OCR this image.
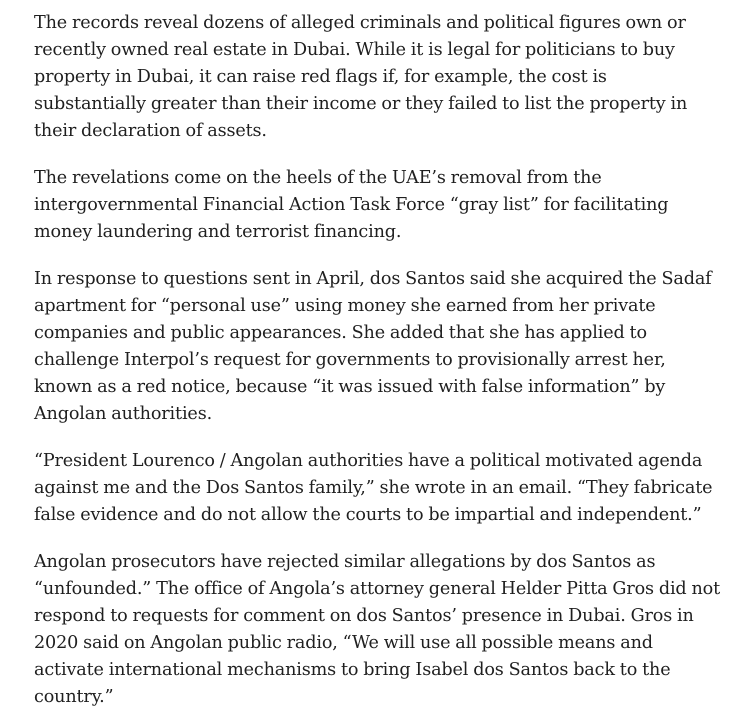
The records reveal dozens of alleged criminals and political figures own or
recently owned real estate in Dubai. While it is legal for politicians to buy
property in Dubai, it can raise red flags if, for example, the cost is
substantially greater than their income or they failed to list the property in
their declaration of assets.

The revelations come on the heels of the UAE’s removal from the
intergovernmental Financial Action Task Force “gray list” for facilitating
money laundering and terrorist financing.

In response to questions sent in April, dos Santos said she acquired the Sadaf
apartment for “personal use” using money she earned from her private
companies and public appearances. She added that she has applied to
challenge Interpol’s request for governments to provisionally arrest her,
known as a red notice, because “it was issued with false information” by
Angolan authorities.

“President Lourenco / Angolan authorities have a political motivated agenda
against me and the Dos Santos family,” she wrote in an email. “They fabricate
false evidence and do not allow the courts to be impartial and independent.”

Angolan prosecutors have rejected similar allegations by dos Santos as
“unfounded.” The office of Angola’s attorney general Helder Pitta Gros did not
respond to requests for comment on dos Santos’ presence in Dubai. Gros in
2020 said on Angolan public radio, “We will use all possible means and
activate international mechanisms to bring Isabel dos Santos back to the
country.”
